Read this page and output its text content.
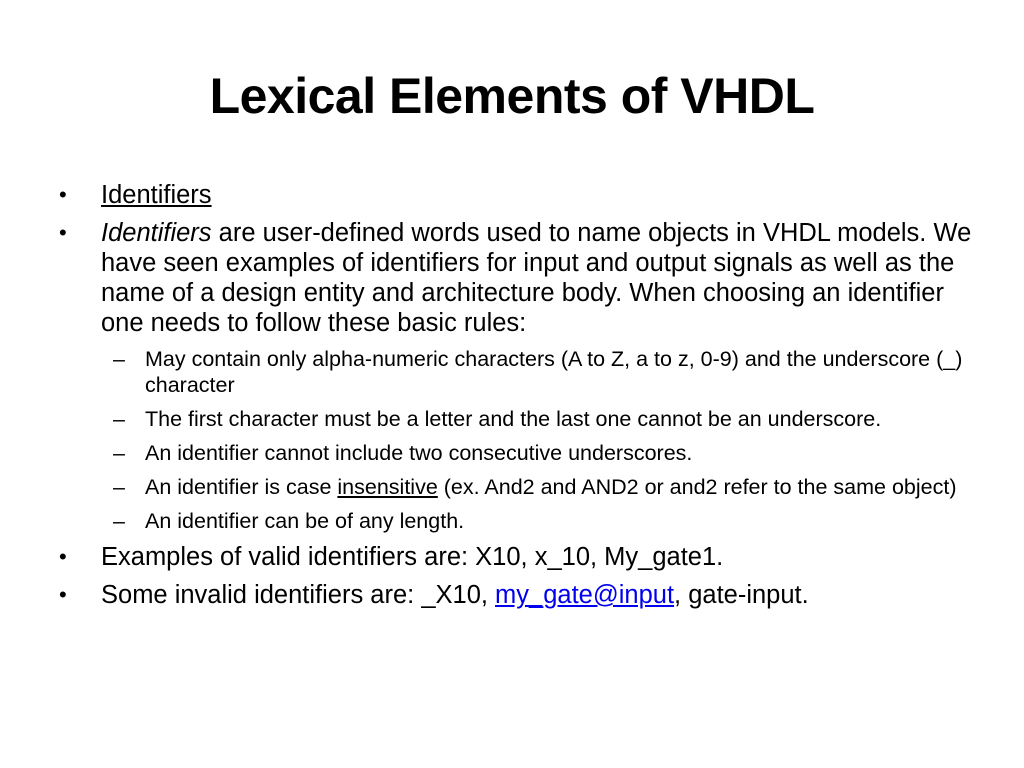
Lexical Elements of VHDL
• Identifiers
• Identifiers are user-defined words used to name objects in VHDL models. We have seen examples of identifiers for input and output signals as well as the name of a design entity and architecture body. When choosing an identifier one needs to follow these basic rules:
– May contain only alpha-numeric characters (A to Z, a to z, 0-9) and the underscore (_) character
– The first character must be a letter and the last one cannot be an underscore.
– An identifier cannot include two consecutive underscores.
– An identifier is case insensitive (ex. And2 and AND2 or and2 refer to the same object)
– An identifier can be of any length.
• Examples of valid identifiers are: X10, x_10, My_gate1.
• Some invalid identifiers are: _X10, my_gate@input, gate-input.
